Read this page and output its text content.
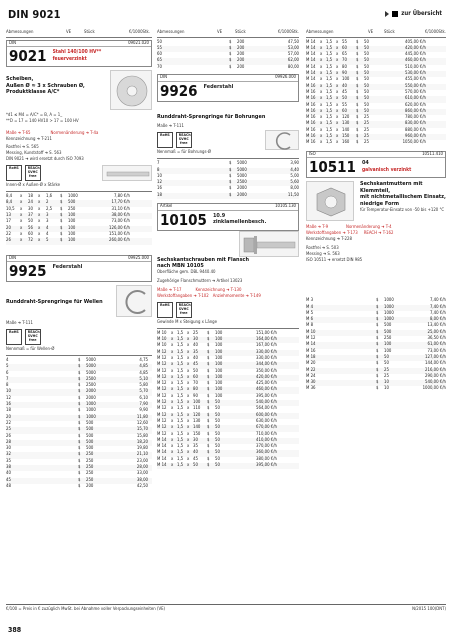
DIN 9021	zur Übersicht
Abmessungen	VE	Stück	€/1000Stk.
DIN	09021.020
9021 Stahl 140/100 HV**
feuerverzinkt
Scheiben,
Außen Ø ≈ 3 x Schrauben Ø,
Produktklasse A/C*
*d1 ≤ M4 = A/C* = B, A = 1_
**D = 17 = 140 HV10 > 17 = 100 HV
Maße ➜ T-65	Normenänderung ➜ T-4a
Kennzeichnung ➜ T-211
Rostfrei ➜ S. 565
Messing, Kunststoff ➜ S. 563
DIN 9021 ➜ wird ersetzt durch ISO 7093
RoHS	REACh SVHC free
Innen-Ø x Außen-Ø x Stärke
8,4	x	18	x	1,6	$	1000	7,80 €/h
8,4	x	24	x	2	$	500	17,70 €/h
10,5	x	30	x	2,5	$	250	31,10 €/h
13	x	37	x	3	$	100	38,00 €/h
17	x	50	x	3	$	100	73,00 €/h
20	x	56	x	4	$	100	126,00 €/h
22	x	60	x	4	$	100	151,00 €/h
26	x	72	x	5	$	100	260,00 €/h
DIN	09925.000
9925 Federstahl
Runddraht-Sprengringe für Wellen
Maße ➜ T-111
RoHS	REACh SVHC free
Nennmaß = für Wellen-Ø
4	$	5000	4,75
5	$	5000	4,85
6	$	5000	4,85
7	$	2500	5,10
8	$	2500	5,80
10	$	2000	5,70
12	$	2000	6,10
16	$	1000	7,90
18	$	1000	9,90
20	$	1000	11,80
22	$	500	12,60
25	$	500	15,70
26	$	500	15,80
28	$	500	18,20
30	$	500	19,80
32	$	250	21,10
35	$	250	23,00
38	$	250	28,00
40	$	250	33,00
45	$	250	38,00
48	$	200	42,50
Abmessungen	VE	Stück	€/1000Stk.
50	$	200	47,50
55	$	200	53,00
60	$	200	57,00
65	$	200	62,00
70	$	200	80,00
DIN	09926.000
9926 Federstahl
Runddraht-Sprengringe für Bohrungen
Maße ➜ T-111
RoHS	REACh SVHC free
Nennmaß = für Bohrungs-Ø
7	$	5000	3,90
8	$	5000	4,40
10	$	5000	5,00
12	$	2500	5,60
16	$	2000	8,00
18	$	2000	11,50
Artikel	10105.130
10105 10.9
zinklamellenbesch.
Sechskantschrauben mit Flansch
nach MBN 10105
Oberfläche gem. DBL 9440.40
Zugehörige Flanschmuttern ➜ Artikel 13023
Maße ➜ T-17	Kennzeichnung ➜ T-130
Werkstoffangaben ➜ T-102 Anziehmomente ➜ T-149
RoHS	REACh SVHC free
Gewinde M x Steigung x Länge
M 10	x 1,5 x 25	$	100	151,00 €/h
M 10	x 1,5 x 30	$	100	164,00 €/h
M 10	x 1,5 x 40	$	100	167,00 €/h
M 12	x 1,5 x 35	$	100	330,00 €/h
M 12	x 1,5 x 40	$	100	330,00 €/h
M 12	x 1,5 x 45	$	100	344,00 €/h
M 12	x 1,5 x 50	$	100	350,00 €/h
M 12	x 1,5 x 60	$	100	420,00 €/h
M 12	x 1,5 x 70	$	100	425,00 €/h
M 12	x 1,5 x 80	$	100	460,00 €/h
M 12	x 1,5 x 90	$	100	395,00 €/h
M 12	x 1,5 x 100	$	50	540,00 €/h
M 12	x 1,5 x 110	$	50	564,00 €/h
M 12	x 1,5 x 120	$	50	600,00 €/h
M 12	x 1,5 x 130	$	50	630,00 €/h
M 12	x 1,5 x 140	$	50	670,00 €/h
M 12	x 1,5 x 150	$	50	710,00 €/h
M 14	x 1,5 x 30	$	50	410,00 €/h
M 14	x 1,5 x 35	$	50	370,00 €/h
M 14	x 1,5 x 40	$	50	360,00 €/h
M 14	x 1,5 x 45	$	50	380,00 €/h
M 14	x 1,5 x 50	$	50	395,00 €/h
Abmessungen	VE	Stück	€/1000Stk.
M 14	x 1,5 x 55	$	50	405,00 €/h
M 14	x 1,5 x 60	$	50	420,00 €/h
M 14	x 1,5 x 65	$	50	445,00 €/h
M 14	x 1,5 x 70	$	50	460,00 €/h
M 14	x 1,5 x 80	$	50	510,00 €/h
M 14	x 1,5 x 90	$	50	530,00 €/h
M 14	x 1,5 x 100	$	50	455,00 €/h
M 16	x 1,5 x 40	$	50	550,00 €/h
M 16	x 1,5 x 45	$	50	570,00 €/h
M 16	x 1,5 x 50	$	50	610,00 €/h
M 16	x 1,5 x 55	$	50	620,00 €/h
M 16	x 1,5 x 60	$	50	860,00 €/h
M 16	x 1,5 x 120	$	25	780,00 €/h
M 16	x 1,5 x 130	$	25	830,00 €/h
M 16	x 1,5 x 140	$	25	880,00 €/h
M 16	x 1,5 x 150	$	25	960,00 €/h
M 16	x 1,5 x 160	$	25	1050,00 €/h
ISO	10511.410
10511 04
galvanisch verzinkt
Sechskantmuttern mit Klemmteil,
mit nichtmetallischem Einsatz,
niedrige Form
für Temperatur-Einsatz von -50 bis +120 °C
Maße ➜ T-9	Normenänderung ➜ T-4
Werkstoffangaben ➜ T-173 REACH ➜ T-162
Kennzeichnung ➜ T-228
Rostfrei ➜ S. 503
Messing ➜ S. 563
ISO 10511 ➜ ersetzt DIN 985
M 3	$	1000	7,40 €/h
M 4	$	1000	7,40 €/h
M 5	$	1000	7,40 €/h
M 6	$	1000	8,00 €/h
M 8	$	500	13,40 €/h
M 10	$	500	25,00 €/h
M 12	$	250	36,50 €/h
M 14	$	100	61,00 €/h
M 16	$	100	73,00 €/h
M 18	$	50	127,00 €/h
M 20	$	50	144,00 €/h
M 22	$	25	216,00 €/h
M 24	$	25	290,00 €/h
M 30	$	10	540,00 €/h
M 36	$	10	1000,00 €/h
€/100 = Preis in € zuzüglich MwSt. bei Abnahme voller Verpackungseinheiten (VE)	N/2015 100(DNT)
388
